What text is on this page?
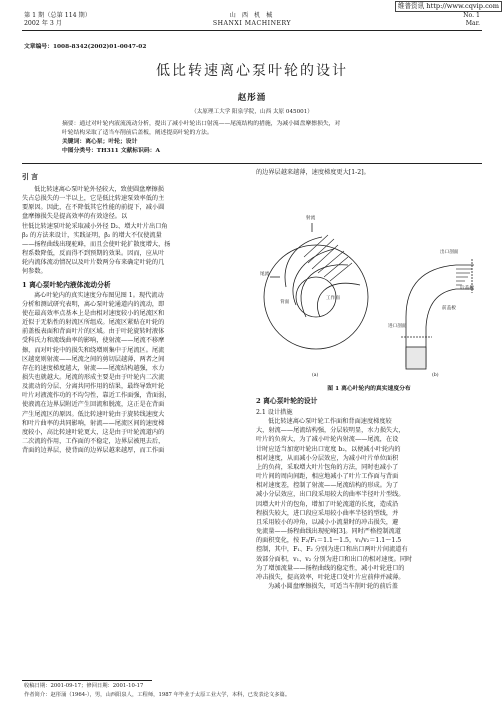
维普资讯 http://www.cqvip.com
第 1 期（总第 114 期）
2002 年 3 月
山 西 机 械
SHANXI MACHINERY
No. 1
Mar.
文章编号：1008-8342(2002)01-0047-02
低比转速离心泵叶轮的设计
赵彤涌
（太原理工大学 阳泉学院，山西 太原 045001）
摘要：通过对叶轮内液流流动分析，提出了减小叶轮出口射流——尾流结构的措施，为减小圆盘摩擦损失，对
叶轮结构采取了适当车削前后盖板，阐述提高叶轮的方法。
关键词：离心泵；叶轮；设计
中图分类号：TH311 文献标识码：A
引 言
低比转速离心泵叶轮外径较大，致使圆盘摩擦损
失占总损失的一半以上，它是低比转速泵效率低的主
要原因。因此，在不降低其它性能的前提下，减小圆
盘摩擦损失是提高效率的有效途径。以
往低比转速泵叶轮采取减小外径 D₂、增大叶片出口角
β₂ 的方法来设计，实践证明，β₂ 的增大不仅使流量
——扬程曲线出现驼峰，而且会使叶轮扩散度增大，扬
程系数降低，反而得不到预期的效果。因而，应从叶
轮内流体流动情况以及叶片数两分布来确定叶轮的几
何参数。
1 离心泵叶轮内液体流动分析
离心叶轮内的真实速度分布图见图 1。现代流动
分析和测试研究表明，离心泵叶轮通道内的流动，即
使在最高效率点基本上是由相对速度较小的尾流区和
近似于无粘性的射流区所组成。尾流区紧贴在叶轮的
前盖板表面和背面叶片的区域。由于叶轮旋转时液体
受科氏力和流线曲率的影响，使射流——尾流不移摩
擦，而对叶轮中的损失和绕增则集中于尾流区。尾流
区越宽则射流——尾流之间的剪切层越薄，两者之间
存在的速度梯度越大，射流——尾流结构越强，水力
损失也就越大。尾流的形成主要是由于叶轮内二次流
及流动的分层、分离共同作用的结果，最终导致叶轮
叶片对液流作功的不均匀性，靠近工作面强，背面弱，
使液流在边界层附近产生回流和脱流，这正是在背面
产生尾流区的原因。低比转速叶轮由于旋转线速度大
和叶片曲率的共同影响，射流——尾流区间的速度梯
度较小，高比转速叶轮更大，这是由于叶轮流道内的
二次流的作用，工作面的不稳定，边界层被甩去后，
背面的边界层，使背面的边界层越来越厚，而工作面
的边界层越来越薄，速度梯度更大[1-2]。
尾流
射流
背面
工作面
出口剖面
前盖板
后盖板
进口剖面
(a)	(b)
图 1 离心叶轮内的真实速度分布
2 离心泵叶轮的设计
2.1 设计措施
低比转速离心泵叶轮工作面和背面速度梯度较
大，射流——尾流结构强，分层较明显，水力损失大，
叶片的负荷大，为了减小叶轮内射流——尾流，在设
计时应适当加宽叶轮出口宽度 b₂，以便减小叶轮内的
相对速度，从而减小分层效应，为减小叶片单位面积
上的负荷，采取增大叶片包角的方法，同时也减小了
叶片间的周向间距，相应地减小了叶片工作面与背面
相对速度差，控制了射流——尾流结构的形成。为了
减小分层效应，出口段采用较大的曲率半径叶片型线。
因增大叶片的包角，增加了叶轮流道的长度，造成沿
程损失较大，进口段应采用较小曲率半径的型线，并
且采用较小的冲角，以减小小流量时的冲击损失，避
免流量——扬程曲线出现驼峰[3]。同时严格控制流道
的面积变化，按 F₂/F₁＝1.1～1.5，v₁/v₂＝1.1～1.5
控制，其中，F₁、F₂ 分别为进口和出口两叶片间流道有
效部分面积，v₁、v₂ 分别为进口和出口的相对速度。同时
为了增加流量——扬程曲线的稳定性，减小叶轮进口的
冲击损失，提高效率，叶轮进口处叶片应前伸并减薄。
为减小圆盘摩擦损失，可适当车削叶轮的前后盖
收稿日期：2001-09-17；修回日期：2001-10-17
作者简介：赵彤涌（1964-），男，山西阳泉人，工程师，1987 年毕业于太原工业大学，本科，已发表论文多篇。
